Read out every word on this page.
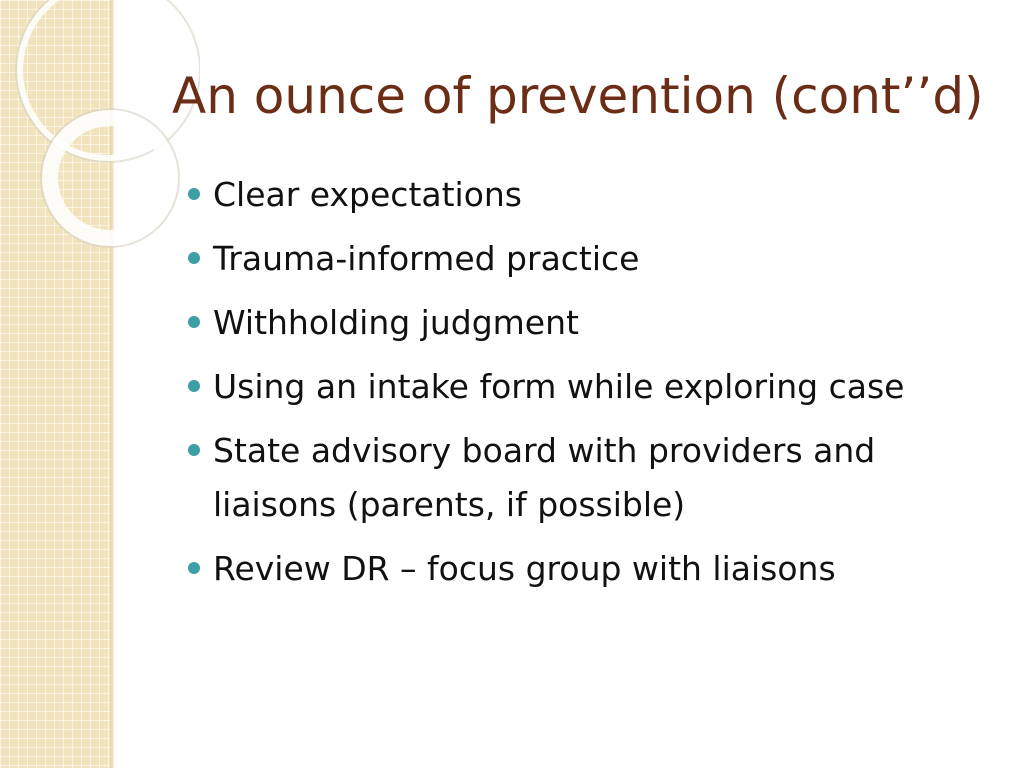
An ounce of prevention (cont’’d)
Clear expectations
Trauma-informed practice
Withholding judgment
Using an intake form while exploring case
State advisory board with providers and liaisons (parents, if possible)
Review DR – focus group with liaisons
